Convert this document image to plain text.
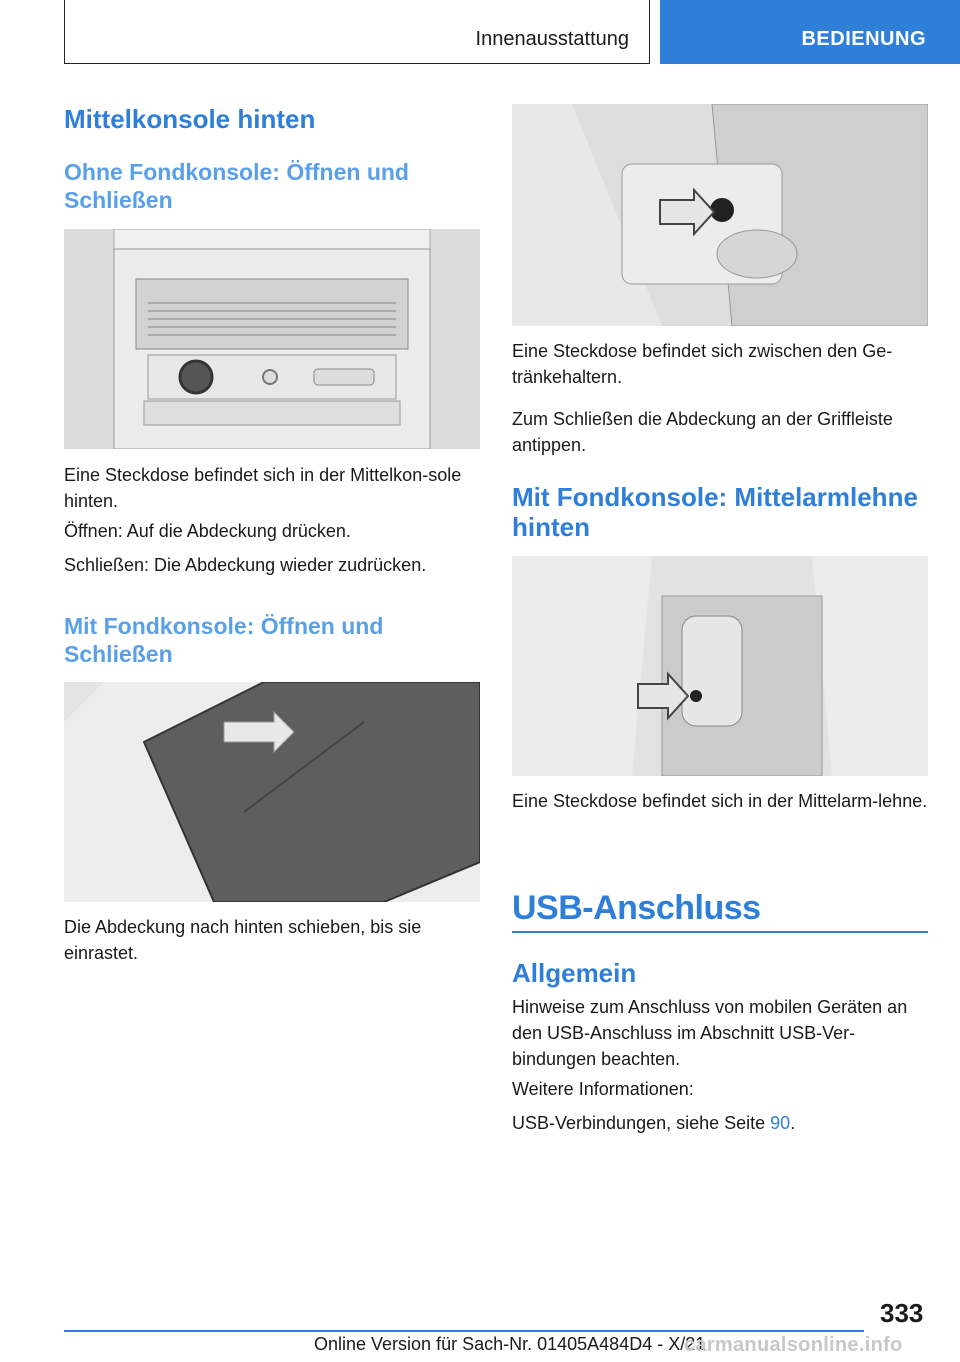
Innenausstattung	BEDIENUNG
Mittelkonsole hinten
Ohne Fondkonsole: Öffnen und Schließen

Eine Steckdose befindet sich in der Mittelkon-sole hinten.

Öffnen: Auf die Abdeckung drücken.

Schließen: Die Abdeckung wieder zudrücken.

Mit Fondkonsole: Öffnen und Schließen

Die Abdeckung nach hinten schieben, bis sie einrastet.

Eine Steckdose befindet sich zwischen den Ge-tränkehaltern.

Zum Schließen die Abdeckung an der Griffleiste antippen.

Mit Fondkonsole: Mittelarmlehne hinten

Eine Steckdose befindet sich in der Mittelarm-lehne.

USB-Anschluss
Allgemein

Hinweise zum Anschluss von mobilen Geräten an den USB-Anschluss im Abschnitt USB-Ver-bindungen beachten.

Weitere Informationen:

USB-Verbindungen, siehe Seite 90.

333
Online Version für Sach-Nr. 01405A484D4 - X/21
carmanualsonline.info
